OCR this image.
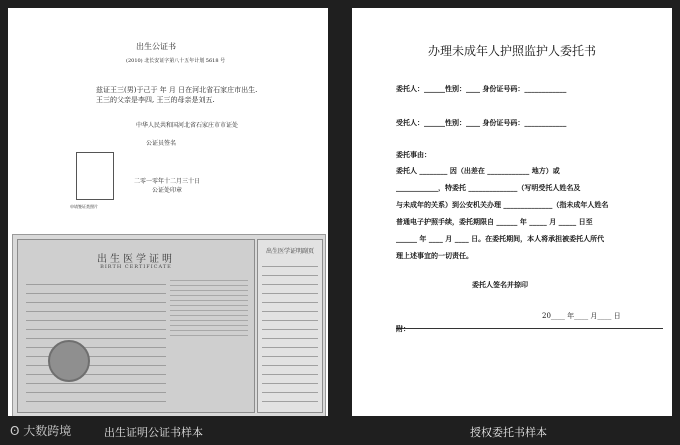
出生公证书
(2010) 北长安证字第八十五年计划 5618 号
兹证王三(男)于己于 年 月 日在河北省石家庄市出生.
王三的父亲是李四, 王三的母亲是刘五.
中华人民共和国河北省石家庄市市证处
公证员签名
申请签证类照片
二零一零年十二月三十日
公证处印章
出生医学证明
BIRTH CERTIFICATE
出生医学证明副页
办理未成年人护照监护人委托书
委托人：______性别：____ 身份证号码：____________
受托人：______性别：____ 身份证号码：____________
委托事由：
委托人 ________ 因（出差在 ____________ 地方）或
____________，特委托 ______________（写明受托人姓名及
与未成年的关系）到公安机关办理 ______________（指未成年人姓名
普通电子护照手续，委托期限自 ______ 年 _____ 月 _____ 日至
______ 年 ____ 月 ____ 日。在委托期间，本人将承担被委托人所代
理上述事宜的一切责任。
委托人签名并捺印
20____ 年____ 月____ 日
附：
ʘ 大数跨境	出生证明公证书样本	授权委托书样本
